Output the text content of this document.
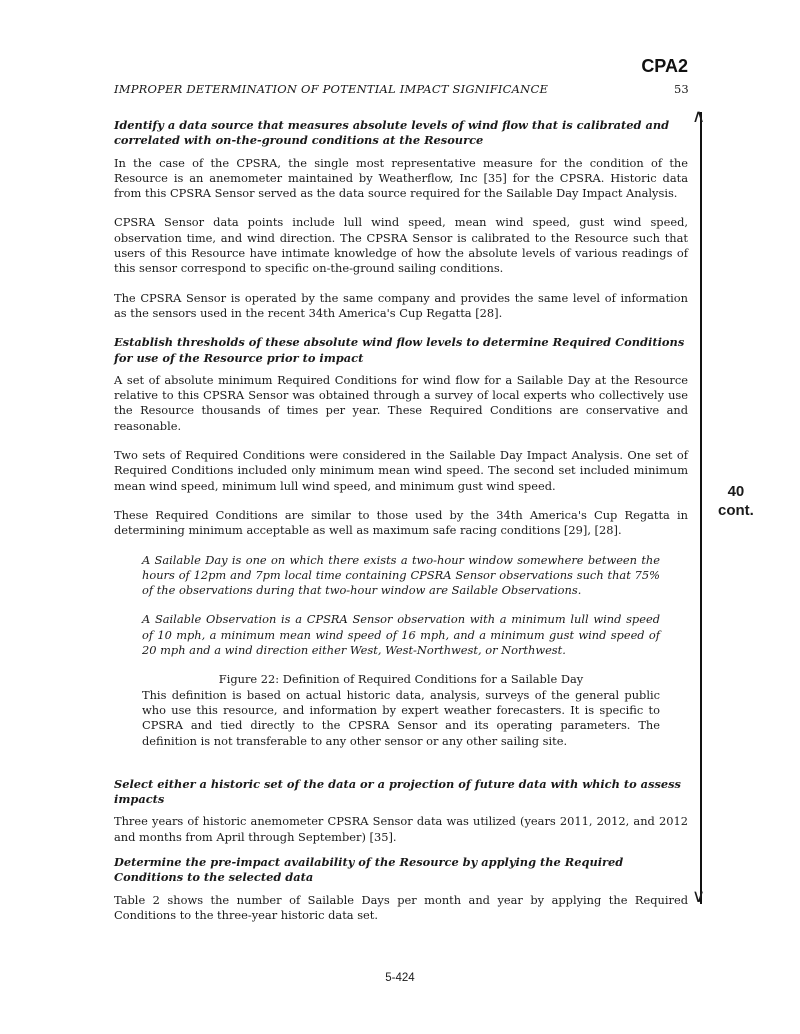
CPA2
IMPROPER DETERMINATION OF POTENTIAL IMPACT SIGNIFICANCE	53
∧
∨
40
cont.
Identify a data source that measures absolute levels of wind flow that is calibrated and correlated with on-the-ground conditions at the Resource
In the case of the CPSRA, the single most representative measure for the condition of the Resource is an anemometer maintained by Weatherflow, Inc [35] for the CPSRA. Historic data from this CPSRA Sensor served as the data source required for the Sailable Day Impact Analysis.
CPSRA Sensor data points include lull wind speed, mean wind speed, gust wind speed, observation time, and wind direction. The CPSRA Sensor is calibrated to the Resource such that users of this Resource have intimate knowledge of how the absolute levels of various readings of this sensor correspond to specific on-the-ground sailing conditions.
The CPSRA Sensor is operated by the same company and provides the same level of information as the sensors used in the recent 34th America's Cup Regatta [28].
Establish thresholds of these absolute wind flow levels to determine Required Conditions for use of the Resource prior to impact
A set of absolute minimum Required Conditions for wind flow for a Sailable Day at the Resource relative to this CPSRA Sensor was obtained through a survey of local experts who collectively use the Resource thousands of times per year. These Required Conditions are conservative and reasonable.
Two sets of Required Conditions were considered in the Sailable Day Impact Analysis. One set of Required Conditions included only minimum mean wind speed. The second set included minimum mean wind speed, minimum lull wind speed, and minimum gust wind speed.
These Required Conditions are similar to those used by the 34th America's Cup Regatta in determining minimum acceptable as well as maximum safe racing conditions [29], [28].
A Sailable Day is one on which there exists a two-hour window somewhere between the hours of 12pm and 7pm local time containing CPSRA Sensor observations such that 75% of the observations during that two-hour window are Sailable Observations.
A Sailable Observation is a CPSRA Sensor observation with a minimum lull wind speed of 10 mph, a minimum mean wind speed of 16 mph, and a minimum gust wind speed of 20 mph and a wind direction either West, West-Northwest, or Northwest.
Figure 22: Definition of Required Conditions for a Sailable Day
This definition is based on actual historic data, analysis, surveys of the general public who use this resource, and information by expert weather forecasters. It is specific to CPSRA and tied directly to the CPSRA Sensor and its operating parameters. The definition is not transferable to any other sensor or any other sailing site.
Select either a historic set of the data or a projection of future data with which to assess impacts
Three years of historic anemometer CPSRA Sensor data was utilized (years 2011, 2012, and 2012 and months from April through September) [35].
Determine the pre-impact availability of the Resource by applying the Required Conditions to the selected data
Table 2 shows the number of Sailable Days per month and year by applying the Required Conditions to the three-year historic data set.
5-424
